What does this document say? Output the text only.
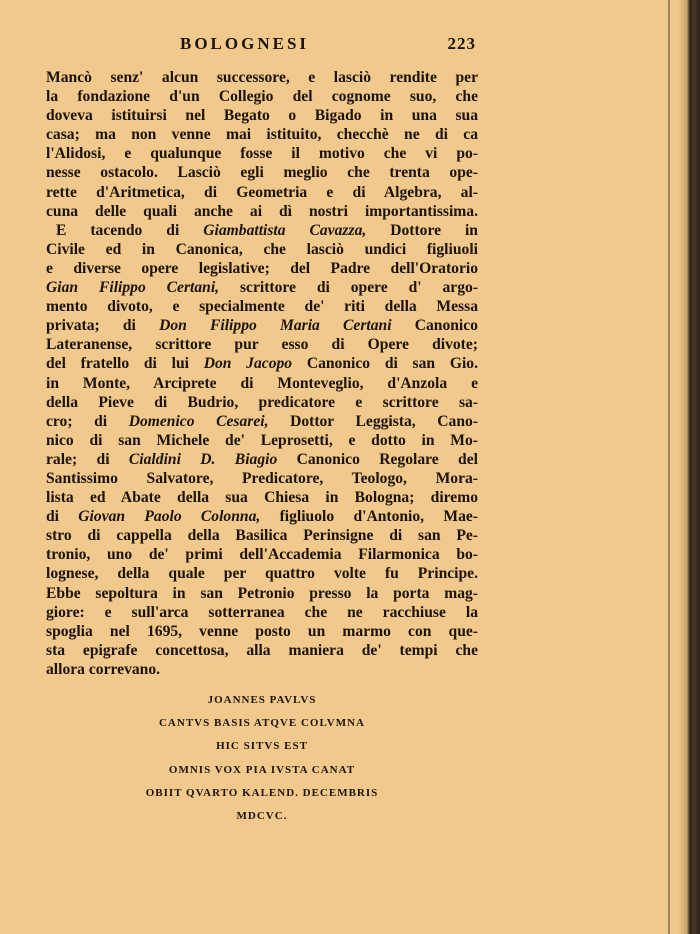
BOLOGNESI	223
Mancò senz' alcun successore, e lasciò rendite per
la fondazione d'un Collegio del cognome suo, che
doveva istituirsi nel Begato o Bigado in una sua
casa; ma non venne mai istituito, checchè ne di ca
l'Alidosi, e qualunque fosse il motivo che vi po-
nesse ostacolo. Lasciò egli meglio che trenta ope-
rette d'Aritmetica, di Geometria e di Algebra, al-
cuna delle quali anche ai dì nostri importantissima.
E tacendo di Giambattista Cavazza, Dottore in
Civile ed in Canonica, che lasciò undici figliuoli
e diverse opere legislative; del Padre dell'Oratorio
Gian Filippo Certani, scrittore di opere d' argo-
mento divoto, e specialmente de' riti della Messa
privata; di Don Filippo Maria Certani Canonico
Lateranense, scrittore pur esso di Opere divote;
del fratello di lui Don Jacopo Canonico di san Gio.
in Monte, Arciprete di Monteveglio, d'Anzola e
della Pieve di Budrio, predicatore e scrittore sa-
cro; di Domenico Cesarei, Dottor Leggista, Cano-
nico di san Michele de' Leprosetti, e dotto in Mo-
rale; di Cialdini D. Biagio Canonico Regolare del
Santissimo Salvatore, Predicatore, Teologo, Mora-
lista ed Abate della sua Chiesa in Bologna; diremo
di Giovan Paolo Colonna, figliuolo d'Antonio, Mae-
stro di cappella della Basilica Perinsigne di san Pe-
tronio, uno de' primi dell'Accademia Filarmonica bo-
lognese, della quale per quattro volte fu Principe.
Ebbe sepoltura in san Petronio presso la porta mag-
giore: e sull'arca sotterranea che ne racchiuse la
spoglia nel 1695, venne posto un marmo con que-
sta epigrafe concettosa, alla maniera de' tempi che
allora correvano.
JOANNES PAVLVS
CANTVS BASIS ATQVE COLVMNA
HIC SITVS EST
OMNIS VOX PIA IVSTA CANAT
OBIIT QVARTO KALEND. DECEMBRIS
MDCVC.
